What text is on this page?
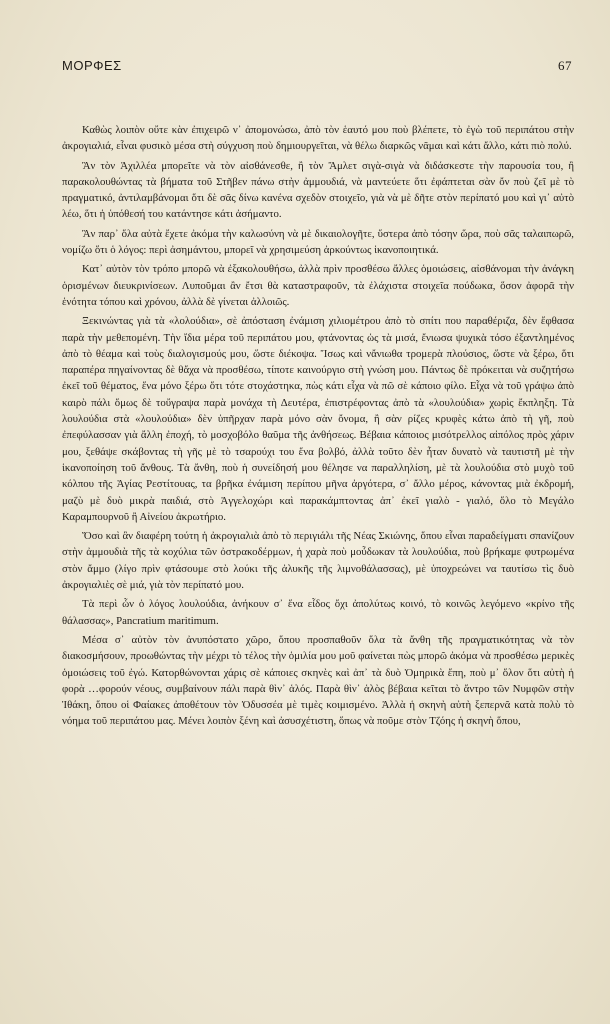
ΜΟΡΦΕΣ	67

Καθὼς λοιπὸν οὔτε κὰν ἐπιχειρῶ ν᾽ ἀπομονώσω, ἀπὸ τὸν ἑαυτό μου ποὺ βλέπετε, τὸ ἐγὼ τοῦ περιπάτου στὴν ἀκρογιαλιά, εἶναι φυσικὸ μέσα στὴ σύγχυση ποὺ δημιουργεῖται, νὰ θέλω διαρκῶς νᾶμαι καὶ κάτι ἄλλο, κάτι πιὸ πολύ.

Ἂν τὸν Ἀχιλλέα μπορεῖτε νὰ τὸν αἰσθάνεσθε, ἢ τὸν Ἄμλετ σιγὰ-σιγὰ νὰ διδάσκεστε τὴν παρουσία του, ἢ παρακολουθώντας τὰ βήματα τοῦ Στῆβεν πάνω στὴν ἀμμουδιά, νὰ μαντεύετε ὅτι ἐφάπτεται σὰν ὄν ποὺ ζεῖ μὲ τὸ πραγματικό, ἀντιλαμβάνομαι ὅτι δὲ σᾶς δίνω κανένα σχεδὸν στοιχεῖο, γιὰ νὰ μὲ δῆτε στὸν περίπατό μου καὶ γι᾽ αὐτὸ λέω, ὅτι ἡ ὑπόθεσή του κατάντησε κάτι ἀσήμαντο.

Ἂν παρ᾽ ὅλα αὐτὰ ἔχετε ἀκόμα τὴν καλωσύνη νὰ μὲ δικαιολογῆτε, ὕστερα ἀπὸ τόσην ὥρα, ποὺ σᾶς ταλαιπωρῶ, νομίζω ὅτι ὁ λόγος: περὶ ἀσημάντου, μπορεῖ νὰ χρησιμεύση ἀρκούντως ἱκανοποιητικά.

Κατ᾽ αὐτὸν τὸν τρόπο μπορῶ νὰ ἐξακολουθήσω, ἀλλὰ πρὶν προσθέσω ἄλλες ὁμοιώσεις, αἰσθάνομαι τὴν ἀνάγκη ὁρισμένων διευκρινίσεων. Λυποῦμαι ἂν ἔτσι θὰ καταστραφοῦν, τὰ ἐλάχιστα στοιχεῖα πούδωκα, ὅσον ἀφορᾶ τὴν ἑνότητα τόπου καὶ χρόνου, ἀλλὰ δὲ γίνεται ἀλλοιῶς.

Ξεκινώντας γιὰ τὰ «λολούδια», σὲ ἀπόσταση ἐνάμιση χιλιομέτρου ἀπὸ τὸ σπίτι που παραθέριζα, δὲν ἔφθασα παρὰ τὴν μεθεπομένη. Τὴν ἴδια μέρα τοῦ περιπάτου μου, φτάνοντας ὡς τὰ μισά, ἔνιωσα ψυχικὰ τόσο ἐξαντλημένος ἀπὸ τὸ θέαμα καὶ τοὺς διαλογισμούς μου, ὥστε διέκοψα. Ἴσως καὶ νἄνιωθα τρομερὰ πλούσιος, ὥστε νὰ ξέρω, ὅτι παραπέρα πηγαίνοντας δὲ θἄχα νὰ προσθέσω, τίποτε καινούργιο στὴ γνώση μου. Πάντως δὲ πρόκειται νὰ συζητήσω ἐκεῖ τοῦ θέματος, ἕνα μόνο ξέρω ὅτι τότε στοχάστηκα, πὼς κάτι εἶχα νὰ πῶ σὲ κάποιο φίλο. Εἶχα νὰ τοῦ γράψω ἀπὸ καιρὸ πάλι ὅμως δὲ τοὔγραψα παρὰ μονάχα τὴ Δευτέρα, ἐπιστρέφοντας ἀπὸ τὰ «λουλούδια» χωρὶς ἔκπληξη. Τὰ λουλούδια στὰ «λουλούδια» δὲν ὑπῆρχαν παρὰ μόνο σὰν ὄνομα, ἢ σὰν ρίζες κρυφὲς κάτω ἀπὸ τὴ γῆ, ποὺ ἐπεφύλασσαν γιὰ ἄλλη ἐποχή, τὸ μοσχοβόλο θαῦμα τῆς ἀνθήσεως. Βέβαια κάποιος μισότρελλος αἰπόλος πρὸς χάριν μου, ξεθάψε σκάβοντας τὴ γῆς μὲ τὸ τσαρούχι του ἕνα βολβό, ἀλλὰ τοῦτο δὲν ἦταν δυνατὸ νὰ ταυτιστῆ μὲ τὴν ἱκανοποίηση τοῦ ἄνθους. Τὰ ἄνθη, ποὺ ἡ συνείδησή μου θέλησε να παραλληλίση, μὲ τὰ λουλούδια στὸ μυχὸ τοῦ κόλπου τῆς Ἁγίας Ρεστίτουας, τα βρῆκα ἐνάμιση περίπου μῆνα ἀργότερα, σ᾽ ἄλλο μέρος, κάνοντας μιὰ ἐκδρομή, μαζὺ μὲ δυὸ μικρὰ παιδιά, στὸ Ἀγγελοχώρι καὶ παρακάμπτοντας ἀπ᾽ ἐκεῖ γιαλὸ - γιαλό, ὅλο τὸ Μεγάλο Καραμπουρνοῦ ἢ Αἰνείου ἀκρωτήριο.

Ὅσο καὶ ἂν διαφέρη τούτη ἡ ἀκρογιαλιὰ ἀπὸ τὸ περιγιάλι τῆς Νέας Σκιώνης, ὅπου εἶναι παραδείγματι σπανίζουν στὴν ἀμμουδιὰ τῆς τὰ κοχύλια τῶν ὀστρακοδέρμων, ἡ χαρὰ ποὺ μοὖδωκαν τὰ λουλούδια, ποὺ βρήκαμε φυτρωμένα στὸν ἄμμο (λίγο πρὶν φτάσουμε στὸ λούκι τῆς ἀλυκῆς τῆς λιμνοθάλασσας), μὲ ὑποχρεώνει να ταυτίσω τὶς δυὸ ἀκρογιαλιὲς σὲ μιά, γιὰ τὸν περίπατό μου.

Τὰ περὶ ὧν ὁ λόγος λουλούδια, ἀνήκουν σ᾽ ἕνα εἶδος ὄχι ἀπολύτως κοινό, τὸ κοινῶς λεγόμενο «κρίνο τῆς θάλασσας», Pancratium maritimum.

Μέσα σ᾽ αὐτὸν τὸν ἀνυπόστατο χῶρο, ὅπου προσπαθοῦν ὅλα τὰ ἄνθη τῆς πραγματικότητας νὰ τὸν διακοσμήσουν, προωθώντας τὴν μέχρι τὸ τέλος τὴν ὁμιλία μου μοῦ φαίνεται πὼς μπορῶ ἀκόμα νὰ προσθέσω μερικὲς ὁμοιώσεις τοῦ ἐγώ. Κατορθώνονται χάρις σὲ κάποιες σκηνὲς καὶ ἀπ᾽ τὰ δυὸ Ὁμηρικὰ ἔπη, ποὺ μ᾽ ὅλον ὅτι αὐτὴ ἡ φορὰ …φορούν νέους, συμβαίνουν πάλι παρὰ θὶν᾽ ἁλός. Παρὰ θὶν᾽ ἁλὸς βέβαια κεῖται τὸ ἄντρο τῶν Νυμφῶν στὴν Ἰθάκη, ὅπου οἱ Φαίακες ἀποθέτουν τὸν Ὀδυσσέα μὲ τιμὲς κοιμισμένο. Ἀλλὰ ἡ σκηνὴ αὐτὴ ξεπερνᾶ κατὰ πολὺ τὸ νόημα τοῦ περιπάτου μας. Μένει λοιπὸν ξένη καὶ ἀσυσχέτιστη, ὅπως νὰ ποῦμε στὸν Τζόης ἡ σκηνὴ ὅπου,
